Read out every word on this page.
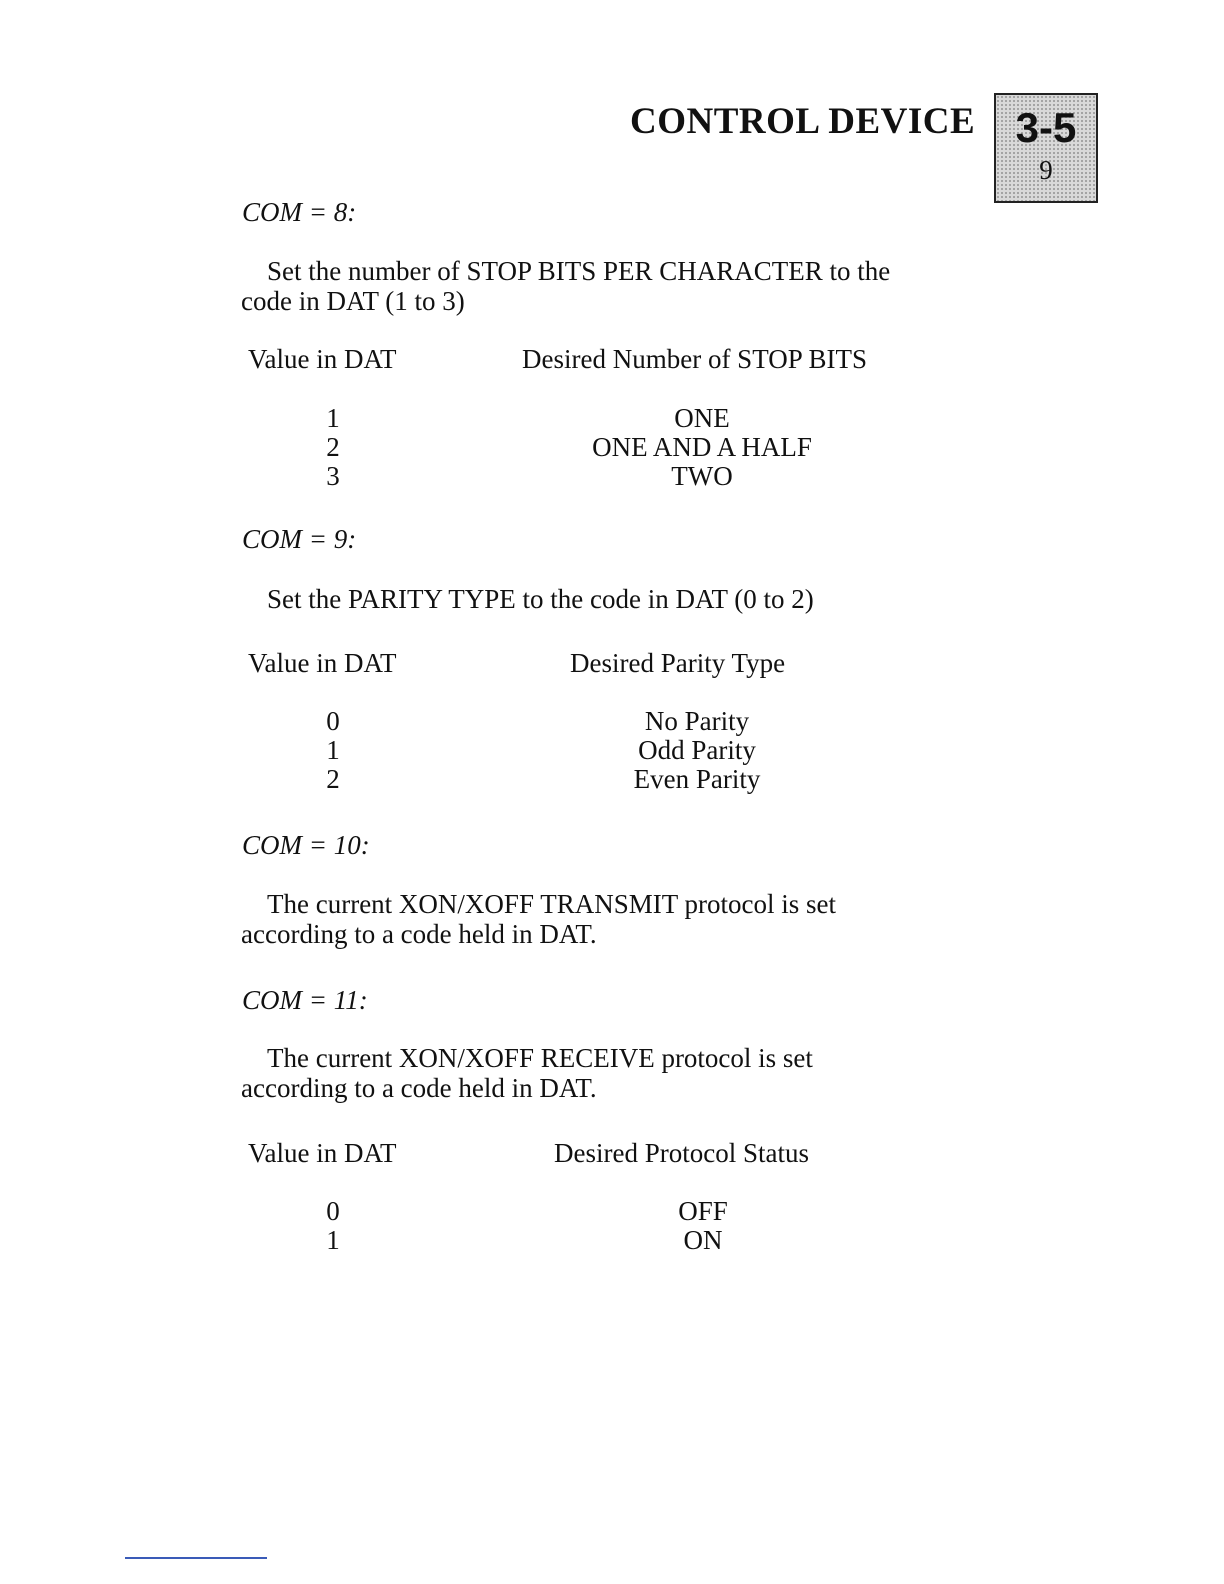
CONTROL DEVICE 3-5
9
COM = 8:
Set the number of STOP BITS PER CHARACTER to the
code in DAT (1 to 3)
Value in DAT	Desired Number of STOP BITS
1	ONE
2	ONE AND A HALF
3	TWO
COM = 9:
Set the PARITY TYPE to the code in DAT (0 to 2)
Value in DAT	Desired Parity Type
0	No Parity
1	Odd Parity
2	Even Parity
COM = 10:
The current XON/XOFF TRANSMIT protocol is set
according to a code held in DAT.
COM = 11:
The current XON/XOFF RECEIVE protocol is set
according to a code held in DAT.
Value in DAT	Desired Protocol Status
0	OFF
1	ON
